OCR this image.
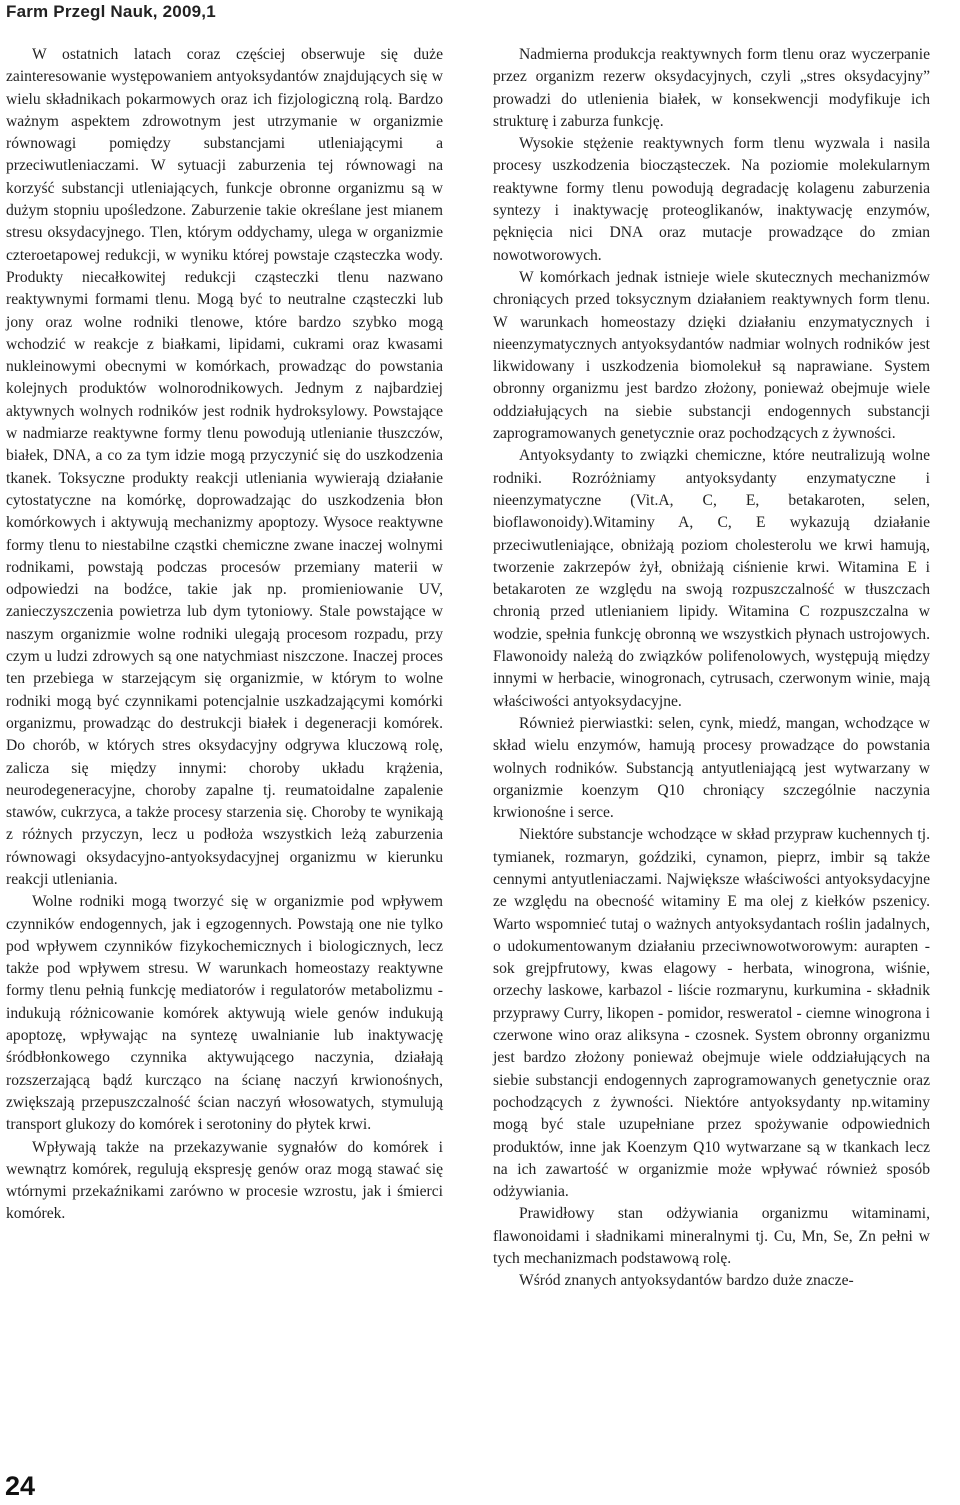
Farm Przegl Nauk, 2009,1

W ostatnich latach coraz częściej obserwuje się duże zainteresowanie występowaniem antyoksydantów znajdujących się w wielu składnikach pokarmowych oraz ich fizjologiczną rolą. Bardzo ważnym aspektem zdrowotnym jest utrzymanie w organizmie równowagi pomiędzy substancjami utleniającymi a przeciwutleniaczami. W sytuacji zaburzenia tej równowagi na korzyść substancji utleniających, funkcje obronne organizmu są w dużym stopniu upośledzone. Zaburzenie takie określane jest mianem stresu oksydacyjnego. Tlen, którym oddychamy, ulega w organizmie czteroetapowej redukcji, w wyniku której powstaje cząsteczka wody. Produkty niecałkowitej redukcji cząsteczki tlenu nazwano reaktywnymi formami tlenu. Mogą być to neutralne cząsteczki lub jony oraz wolne rodniki tlenowe, które bardzo szybko mogą wchodzić w reakcje z białkami, lipidami, cukrami oraz kwasami nukleinowymi obecnymi w komórkach, prowadząc do powstania kolejnych produktów wolnorodnikowych. Jednym z najbardziej aktywnych wolnych rodników jest rodnik hydroksylowy. Powstające w nadmiarze reaktywne formy tlenu powodują utlenianie tłuszczów, białek, DNA, a co za tym idzie mogą przyczynić się do uszkodzenia tkanek. Toksyczne produkty reakcji utleniania wywierają działanie cytostatyczne na komórkę, doprowadzając do uszkodzenia błon komórkowych i aktywują mechanizmy apoptozy. Wysoce reaktywne formy tlenu to niestabilne cząstki chemiczne zwane inaczej wolnymi rodnikami, powstają podczas procesów przemiany materii w odpowiedzi na bodźce, takie jak np. promieniowanie UV, zanieczyszczenia powietrza lub dym tytoniowy. Stale powstające w naszym organizmie wolne rodniki ulegają procesom rozpadu, przy czym u ludzi zdrowych są one natychmiast niszczone. Inaczej proces ten przebiega w starzejącym się organizmie, w którym to wolne rodniki mogą być czynnikami potencjalnie uszkadzającymi komórki organizmu, prowadząc do destrukcji białek i degeneracji komórek. Do chorób, w których stres oksydacyjny odgrywa kluczową rolę, zalicza się między innymi: choroby układu krążenia, neurodegeneracyjne, choroby zapalne tj. reumatoidalne zapalenie stawów, cukrzyca, a także procesy starzenia się. Choroby te wynikają z różnych przyczyn, lecz u podłoża wszystkich leżą zaburzenia równowagi oksydacyjno-antyoksydacyjnej organizmu w kierunku reakcji utleniania.

Wolne rodniki mogą tworzyć się w organizmie pod wpływem czynników endogennych, jak i egzogennych. Powstają one nie tylko pod wpływem czynników fizykochemicznych i biologicznych, lecz także pod wpływem stresu. W warunkach homeostazy reaktywne formy tlenu pełnią funkcję mediatorów i regulatorów metabolizmu - indukują różnicowanie komórek aktywują wiele genów indukują apoptozę, wpływając na syntezę uwalnianie lub inaktywację śródbłonkowego czynnika aktywującego naczynia, działają rozszerzającą bądź kurcząco na ścianę naczyń krwionośnych, zwiększają przepuszczalność ścian naczyń włosowatych, stymulują transport glukozy do komórek i serotoniny do płytek krwi.

Wpływają także na przekazywanie sygnałów do komórek i wewnątrz komórek, regulują ekspresję genów oraz mogą stawać się wtórnymi przekaźnikami zarówno w procesie wzrostu, jak i śmierci komórek.

Nadmierna produkcja reaktywnych form tlenu oraz wyczerpanie przez organizm rezerw oksydacyjnych, czyli „stres oksydacyjny” prowadzi do utlenienia białek, w konsekwencji modyfikuje ich strukturę i zaburza funkcję.

Wysokie stężenie reaktywnych form tlenu wyzwala i nasila procesy uszkodzenia biocząsteczek. Na poziomie molekularnym reaktywne formy tlenu powodują degradację kolagenu zaburzenia syntezy i inaktywację proteoglikanów, inaktywację enzymów, pęknięcia nici DNA oraz mutacje prowadzące do zmian nowotworowych.

W komórkach jednak istnieje wiele skutecznych mechanizmów chroniących przed toksycznym działaniem reaktywnych form tlenu. W warunkach homeostazy dzięki działaniu enzymatycznych i nieenzymatycznych antyoksydantów nadmiar wolnych rodników jest likwidowany i uszkodzenia biomolekuł są naprawiane. System obronny organizmu jest bardzo złożony, ponieważ obejmuje wiele oddziałujących na siebie substancji endogennych substancji zaprogramowanych genetycznie oraz pochodzących z żywności.

Antyoksydanty to związki chemiczne, które neutralizują wolne rodniki. Rozróżniamy antyoksydanty enzymatyczne i nieenzymatyczne (Vit.A, C, E, betakaroten, selen, bioflawonoidy).Witaminy A, C, E wykazują działanie przeciwutleniające, obniżają poziom cholesterolu we krwi hamują, tworzenie zakrzepów żył, obniżają ciśnienie krwi. Witamina E i betakaroten ze względu na swoją rozpuszczalność w tłuszczach chronią przed utlenianiem lipidy. Witamina C rozpuszczalna w wodzie, spełnia funkcję obronną we wszystkich płynach ustrojowych. Flawonoidy należą do związków polifenolowych, występują między innymi w herbacie, winogronach, cytrusach, czerwonym winie, mają właściwości antyoksydacyjne.

Również pierwiastki: selen, cynk, miedź, mangan, wchodzące w skład wielu enzymów, hamują procesy prowadzące do powstania wolnych rodników. Substancją antyutleniającą jest wytwarzany w organizmie koenzym Q10 chroniący szczególnie naczynia krwionośne i serce.

Niektóre substancje wchodzące w skład przypraw kuchennych tj. tymianek, rozmaryn, goździki, cynamon, pieprz, imbir są także cennymi antyutleniaczami. Największe właściwości antyoksydacyjne ze względu na obecność witaminy E ma olej z kiełków pszenicy. Warto wspomnieć tutaj o ważnych antyoksydantach roślin jadalnych, o udokumentowanym działaniu przeciwnowotworowym: aurapten - sok grejpfrutowy, kwas elagowy - herbata, winogrona, wiśnie, orzechy laskowe, karbazol - liście rozmarynu, kurkumina - składnik przyprawy Curry, likopen - pomidor, resweratol - ciemne winogrona i czerwone wino oraz aliksyna - czosnek. System obronny organizmu jest bardzo złożony ponieważ obejmuje wiele oddziałujących na siebie substancji endogennych zaprogramowanych genetycznie oraz pochodzących z żywności. Niektóre antyoksydanty np.witaminy mogą być stale uzupełniane przez spożywanie odpowiednich produktów, inne jak Koenzym Q10 wytwarzane są w tkankach lecz na ich zawartość w organizmie może wpływać również sposób odżywiania.

Prawidłowy stan odżywiania organizmu witaminami, flawonoidami i sładnikami mineralnymi tj. Cu, Mn, Se, Zn pełni w tych mechanizmach podstawową rolę.

Wśród znanych antyoksydantów bardzo duże znacze-

24
